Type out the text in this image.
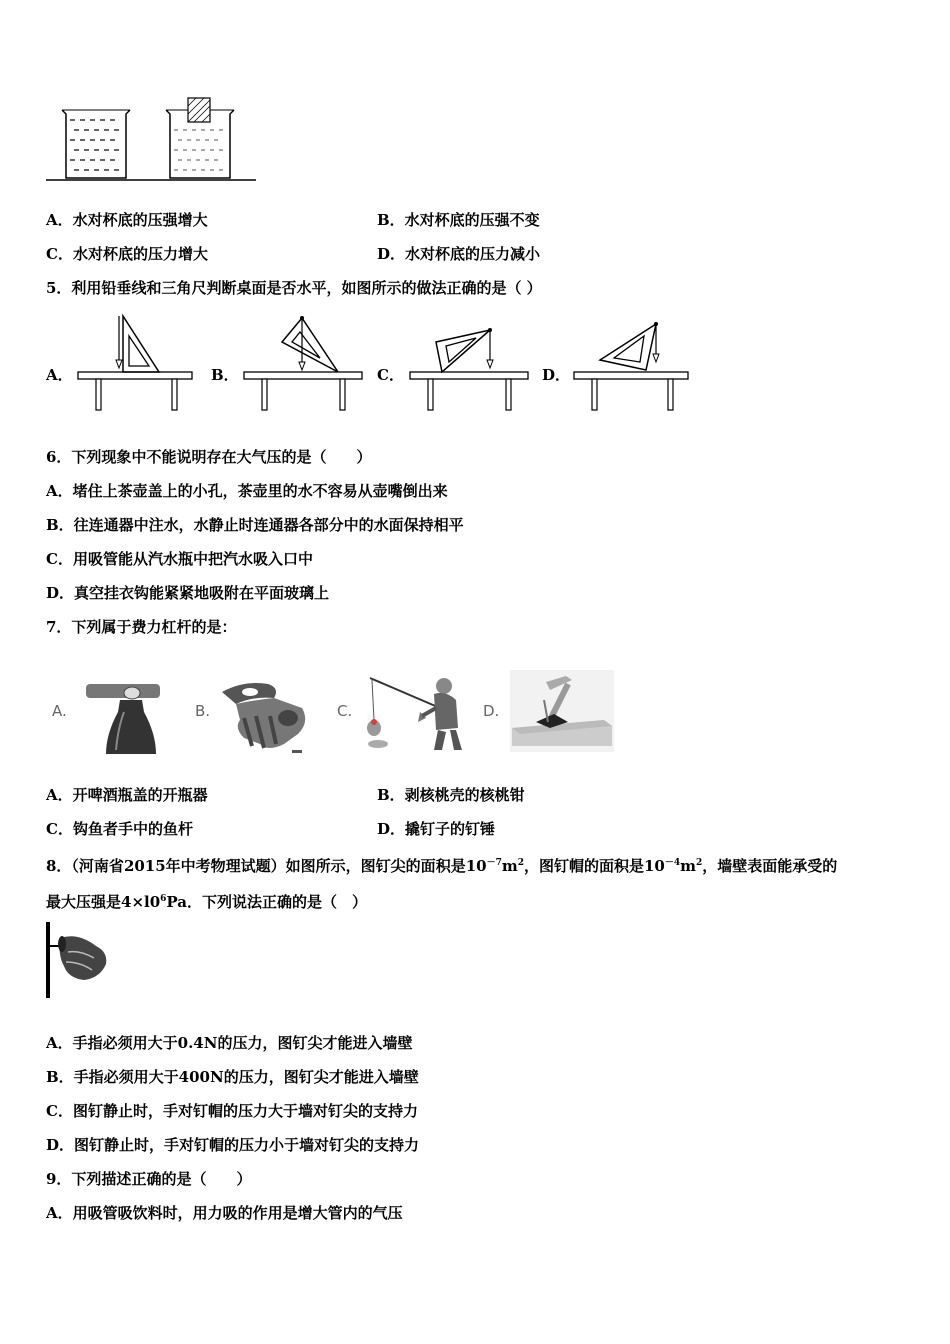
A．水对杯底的压强增大	B．水对杯底的压强不变
C．水对杯底的压力增大	D．水对杯底的压力减小
5．利用铅垂线和三角尺判断桌面是否水平，如图所示的做法正确的是（ ）
A．	B．	C．	D．
6．下列现象中不能说明存在大气压的是（　　）
A．堵住上茶壶盖上的小孔，茶壶里的水不容易从壶嘴倒出来
B．往连通器中注水，水静止时连通器各部分中的水面保持相平
C．用吸管能从汽水瓶中把汽水吸入口中
D．真空挂衣钩能紧紧地吸附在平面玻璃上
7．下列属于费力杠杆的是：
A.	B.	C.	D.
A．开啤酒瓶盖的开瓶器	B．剥核桃壳的核桃钳
C．钩鱼者手中的鱼杆	D．撬钉子的钉锤
8．（河南省2015年中考物理试题）如图所示，图钉尖的面积是$10^{-7}m^2$，图钉帽的面积是$10^{-4}m^2$，墙壁表面能承受的
最大压强是$4\times l0^6Pa$．下列说法正确的是（　）
A．手指必须用大于0.4N的压力，图钉尖才能进入墙壁
B．手指必须用大于400N的压力，图钉尖才能进入墙壁
C．图钉静止时，手对钉帽的压力大于墙对钉尖的支持力
D．图钉静止时，手对钉帽的压力小于墙对钉尖的支持力
9．下列描述正确的是（　　）
A．用吸管吸饮料时，用力吸的作用是增大管内的气压
